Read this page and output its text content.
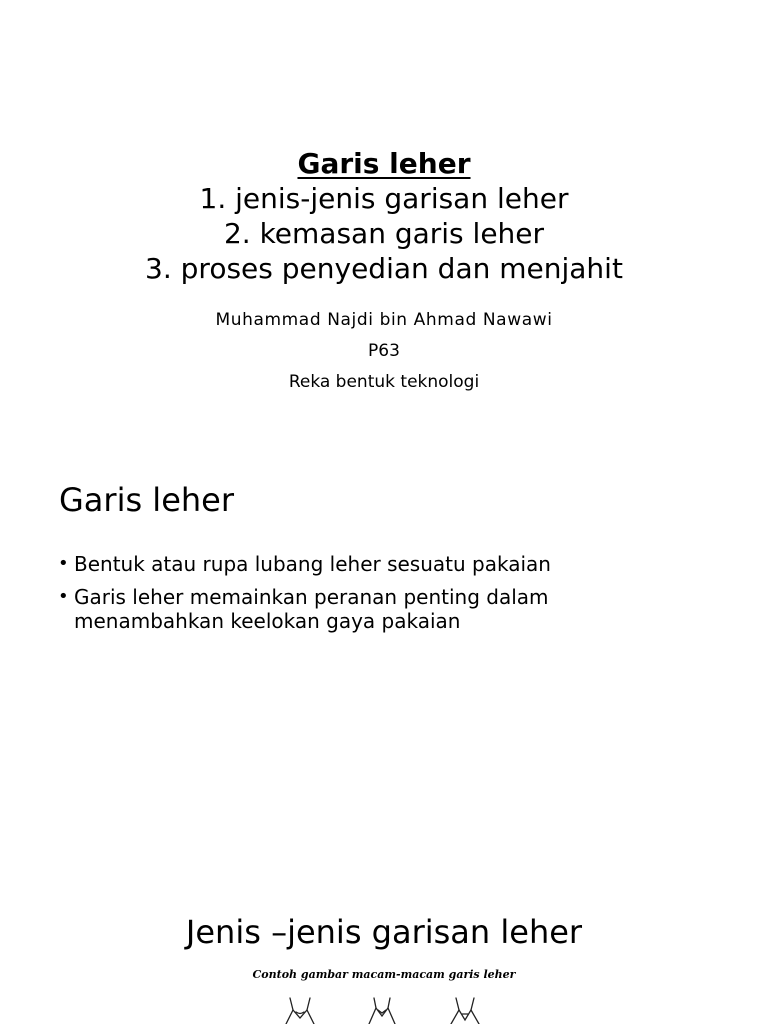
Garis leher
1. jenis-jenis garisan leher
2. kemasan garis leher
3. proses penyedian dan menjahit
Muhammad Najdi bin Ahmad Nawawi
P63
Reka bentuk teknologi
Garis leher
• Bentuk atau rupa lubang leher sesuatu pakaian
• Garis leher memainkan peranan penting dalam menambahkan keelokan gaya pakaian
Jenis –jenis garisan leher
Contoh gambar macam-macam garis leher
